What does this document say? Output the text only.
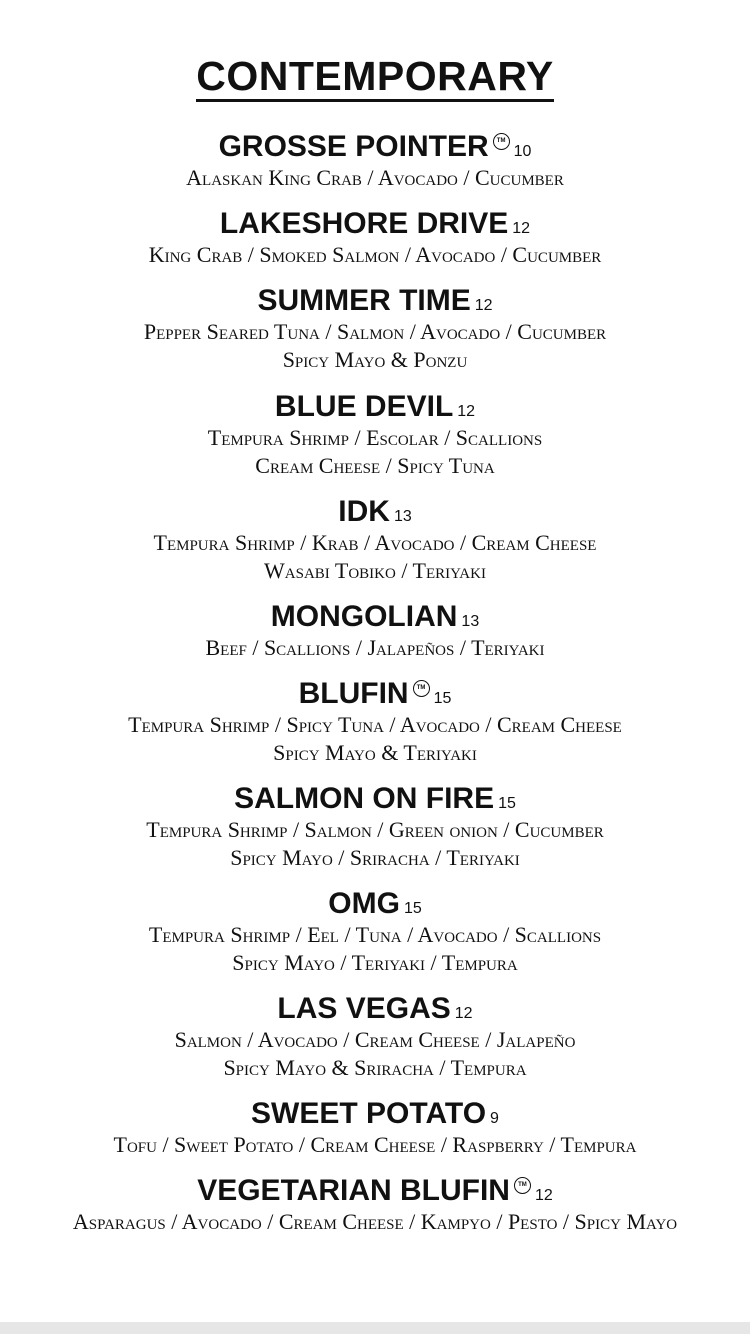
CONTEMPORARY
GROSSE POINTER TM10
Alaskan King Crab / Avocado / Cucumber
LAKESHORE DRIVE 12
King Crab / Smoked Salmon / Avocado / Cucumber
SUMMER TIME 12
Pepper Seared Tuna / Salmon / Avocado / Cucumber
Spicy Mayo & Ponzu
BLUE DEVIL 12
Tempura Shrimp / Escolar / Scallions
Cream Cheese / Spicy Tuna
IDK 13
Tempura Shrimp / Krab / Avocado / Cream Cheese
Wasabi Tobiko / Teriyaki
MONGOLIAN 13
Beef / Scallions / Jalapeños / Teriyaki
BLUFIN TM15
Tempura Shrimp / Spicy Tuna / Avocado / Cream Cheese
Spicy Mayo & Teriyaki
SALMON ON FIRE 15
Tempura Shrimp / Salmon / Green onion / Cucumber
Spicy Mayo / Sriracha / Teriyaki
OMG 15
Tempura Shrimp / Eel / Tuna / Avocado / Scallions
Spicy Mayo / Teriyaki / Tempura
LAS VEGAS 12
Salmon / Avocado / Cream Cheese / Jalapeño
Spicy Mayo & Sriracha / Tempura
SWEET POTATO 9
Tofu / Sweet Potato / Cream Cheese / Raspberry / Tempura
VEGETARIAN BLUFIN TM12
Asparagus / Avocado / Cream Cheese / Kampyo / Pesto / Spicy Mayo
